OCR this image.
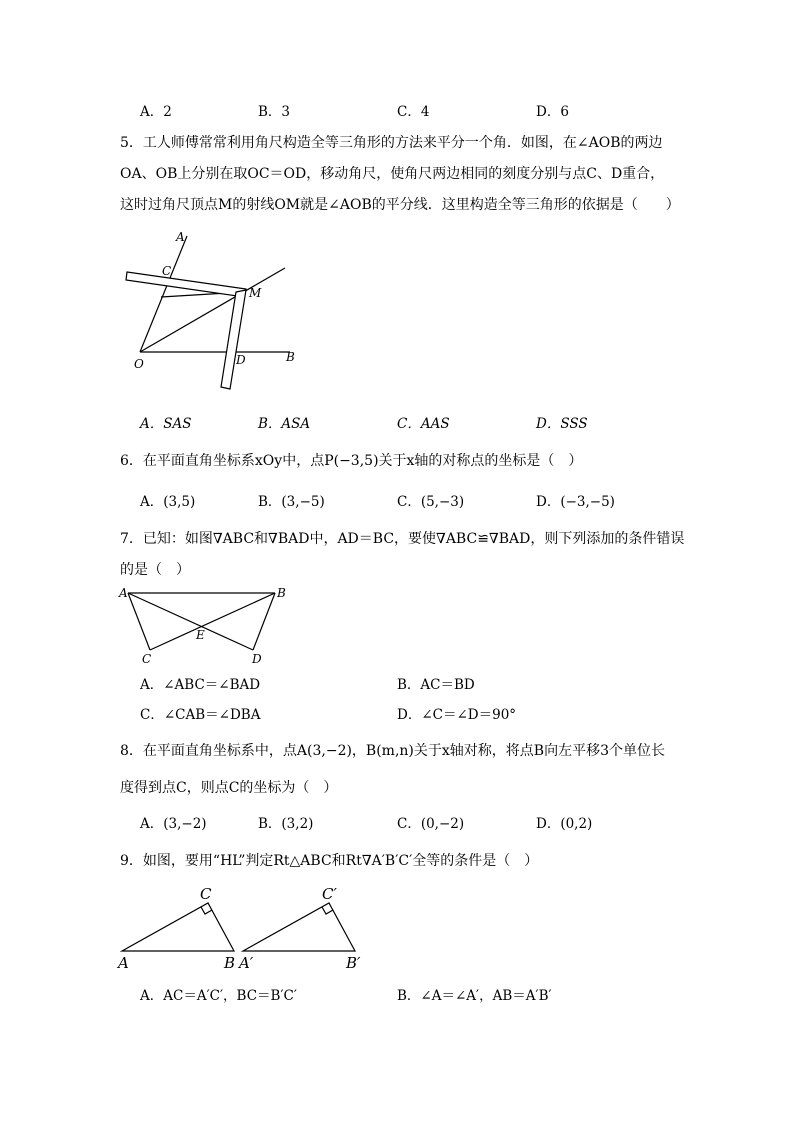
A．2	B．3	C．4	D．6
5．工人师傅常常利用角尺构造全等三角形的方法来平分一个角．如图，在∠AOB的两边
OA、OB上分别在取OC＝OD，移动角尺，使角尺两边相同的刻度分别与点C、D重合，
这时过角尺顶点M的射线OM就是∠AOB的平分线．这里构造全等三角形的依据是（　　）
A
C
M
O	D	B
A．SAS	B．ASA	C．AAS	D．SSS
6．在平面直角坐标系xOy中，点P(−3,5)关于x轴的对称点的坐标是（　）
A．(3,5)	B．(3,−5)	C．(5,−3)	D．(−3,−5)
7．已知：如图∇ABC和∇BAD中，AD＝BC，要使∇ABC≌∇BAD，则下列添加的条件错误
的是（　）
A	B
E
C	D
A．∠ABC＝∠BAD	B．AC＝BD
C．∠CAB＝∠DBA	D．∠C＝∠D＝90°
8．在平面直角坐标系中，点A(3,−2)，B(m,n)关于x轴对称，将点B向左平移3个单位长
度得到点C，则点C的坐标为（　）
A．(3,−2)	B．(3,2)	C．(0,−2)	D．(0,2)
9．如图，要用“HL”判定Rt△ABC和Rt∇A′B′C′全等的条件是（　）
C
A	B
C′
A′	B′
A．AC＝A′C′，BC＝B′C′	B．∠A＝∠A′，AB＝A′B′
